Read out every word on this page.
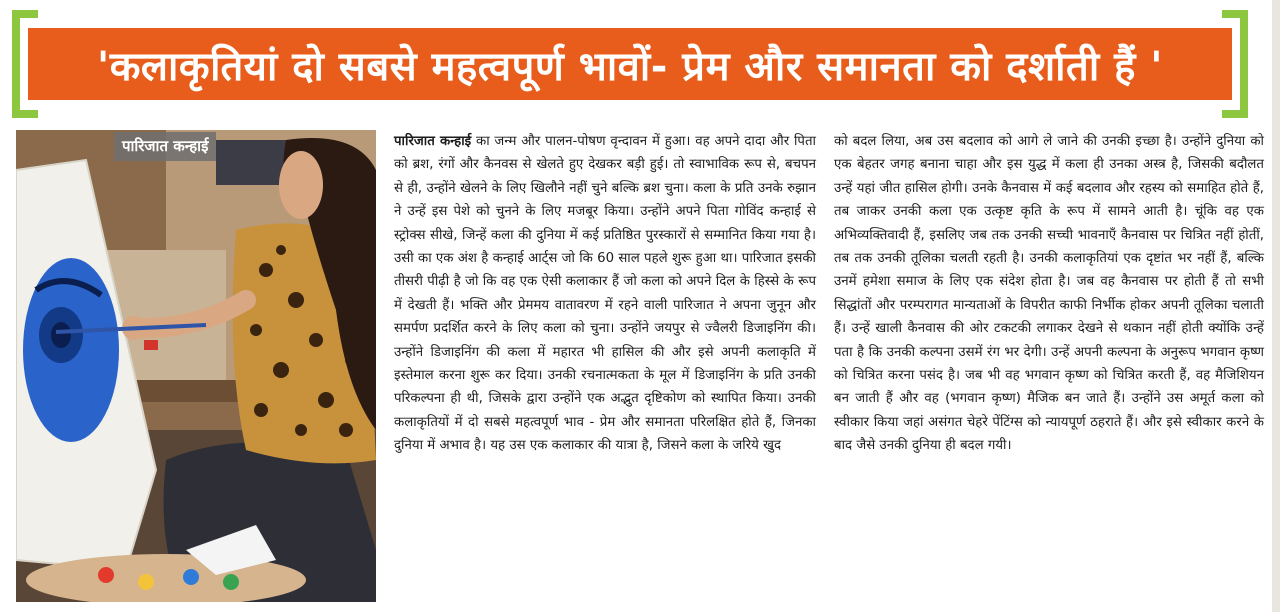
'कलाकृतियां दो सबसे महत्वपूर्ण भावों- प्रेम और समानता को दर्शाती हैं '
पारिजात कन्हाई	पारिजात कन्हाई का जन्म और पालन-पोषण वृन्दावन में हुआ। वह अपने दादा और पिता को ब्रश, रंगों और कैनवस से खेलते हुए देखकर बड़ी हुई। तो स्वाभाविक रूप से, बचपन से ही, उन्होंने खेलने के लिए खिलौने नहीं चुने बल्कि ब्रश चुना। कला के प्रति उनके रुझान ने उन्हें इस पेशे को चुनने के लिए मजबूर किया। उन्होंने अपने पिता गोविंद कन्हाई से स्ट्रोक्स सीखे, जिन्हें कला की दुनिया में कई प्रतिष्ठित पुरस्कारों से सम्मानित किया गया है। उसी का एक अंश है कन्हाई आर्ट्स जो कि 60 साल पहले शुरू हुआ था। पारिजात इसकी तीसरी पीढ़ी है जो कि वह एक ऐसी कलाकार हैं जो कला को अपने दिल के हिस्से के रूप में देखती हैं। भक्ति और प्रेममय वातावरण में रहने वाली पारिजात ने अपना जुनून और समर्पण प्रदर्शित करने के लिए कला को चुना। उन्होंने जयपुर से ज्वैलरी डिजाइनिंग की। उन्होंने डिजाइनिंग की कला में महारत भी हासिल की और इसे अपनी कलाकृति में इस्तेमाल करना शुरू कर दिया। उनकी रचनात्मकता के मूल में डिजाइनिंग के प्रति उनकी परिकल्पना ही थी, जिसके द्वारा उन्होंने एक अद्भुत दृष्टिकोण को स्थापित किया। उनकी कलाकृतियों में दो सबसे महत्वपूर्ण भाव - प्रेम और समानता परिलक्षित होते हैं, जिनका दुनिया में अभाव है। यह उस एक कलाकार की यात्रा है, जिसने कला के जरिये खुद
को बदल लिया, अब उस बदलाव को आगे ले जाने की उनकी इच्छा है। उन्होंने दुनिया को एक बेहतर जगह बनाना चाहा और इस युद्ध में कला ही उनका अस्त्र है, जिसकी बदौलत उन्हें यहां जीत हासिल होगी। उनके कैनवास में कई बदलाव और रहस्य को समाहित होते हैं, तब जाकर उनकी कला एक उत्कृष्ट कृति के रूप में सामने आती है। चूंकि वह एक अभिव्यक्तिवादी हैं, इसलिए जब तक उनकी सच्ची भावनाएँ कैनवास पर चित्रित नहीं होतीं, तब तक उनकी तूलिका चलती रहती है। उनकी कलाकृतियां एक दृष्टांत भर नहीं हैं, बल्कि उनमें हमेशा समाज के लिए एक संदेश होता है। जब वह कैनवास पर होती हैं तो सभी सिद्धांतों और परम्परागत मान्यताओं के विपरीत काफी निर्भीक होकर अपनी तूलिका चलाती हैं। उन्हें खाली कैनवास की ओर टकटकी लगाकर देखने से थकान नहीं होती क्योंकि उन्हें पता है कि उनकी कल्पना उसमें रंग भर देगी। उन्हें अपनी कल्पना के अनुरूप भगवान कृष्ण को चित्रित करना पसंद है। जब भी वह भगवान कृष्ण को चित्रित करती हैं, वह मैजिशियन बन जाती हैं और वह (भगवान कृष्ण) मैजिक बन जाते हैं। उन्होंने उस अमूर्त कला को स्वीकार किया जहां असंगत चेहरे पेंटिंग्स को न्यायपूर्ण ठहराते हैं। और इसे स्वीकार करने के बाद जैसे उनकी दुनिया ही बदल गयी।
